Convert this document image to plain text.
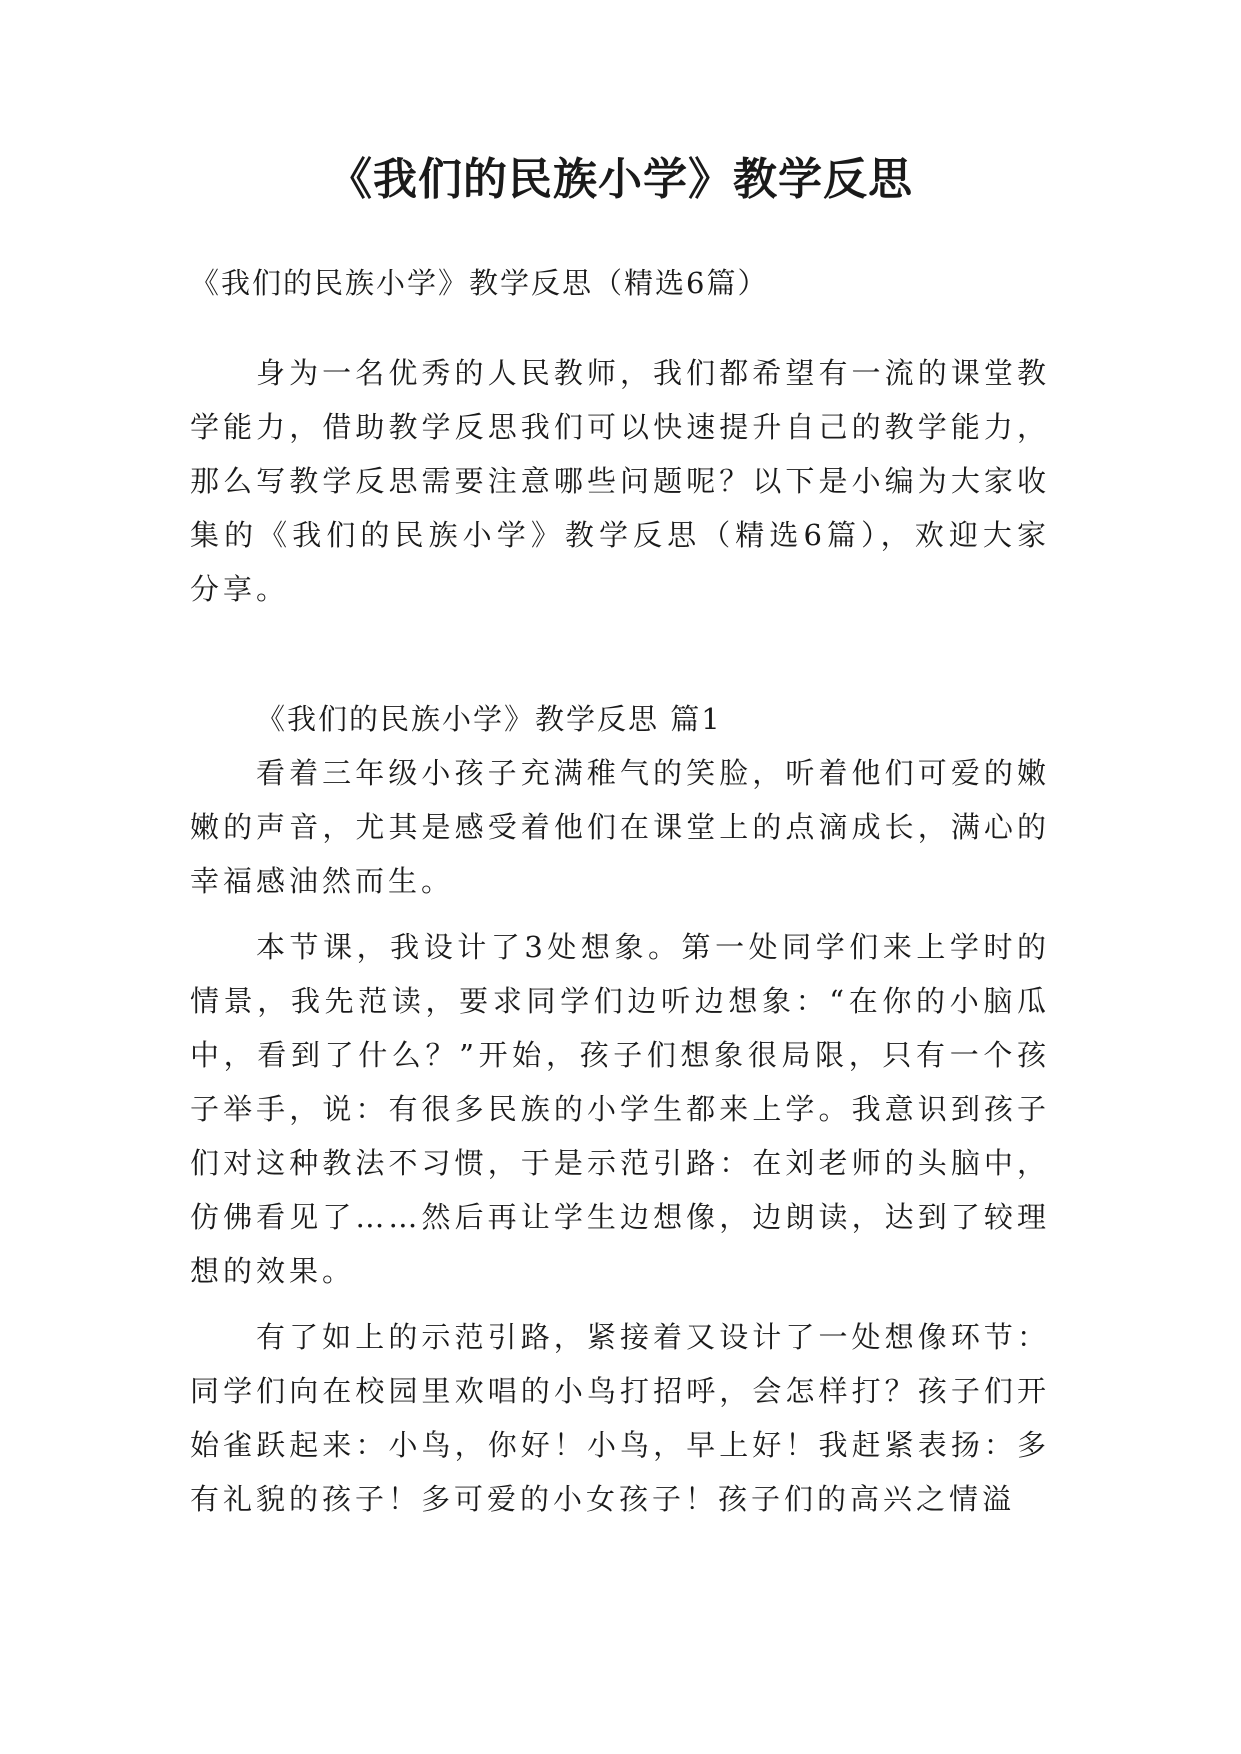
《我们的民族小学》教学反思
《我们的民族小学》教学反思（精选6篇）
身为一名优秀的人民教师，我们都希望有一流的课堂教学能力，借助教学反思我们可以快速提升自己的教学能力，那么写教学反思需要注意哪些问题呢？以下是小编为大家收集的《我们的民族小学》教学反思（精选6篇），欢迎大家分享。
《我们的民族小学》教学反思 篇1

看着三年级小孩子充满稚气的笑脸，听着他们可爱的嫩嫩的声音，尤其是感受着他们在课堂上的点滴成长，满心的幸福感油然而生。

本节课，我设计了3处想象。第一处同学们来上学时的情景，我先范读，要求同学们边听边想象：“在你的小脑瓜中，看到了什么？”开始，孩子们想象很局限，只有一个孩子举手，说：有很多民族的小学生都来上学。我意识到孩子们对这种教法不习惯，于是示范引路：在刘老师的头脑中，仿佛看见了……然后再让学生边想像，边朗读，达到了较理想的效果。

有了如上的示范引路，紧接着又设计了一处想像环节：同学们向在校园里欢唱的小鸟打招呼，会怎样打？孩子们开始雀跃起来：小鸟，你好！小鸟，早上好！我赶紧表扬：多有礼貌的孩子！多可爱的小女孩子！孩子们的高兴之情溢
